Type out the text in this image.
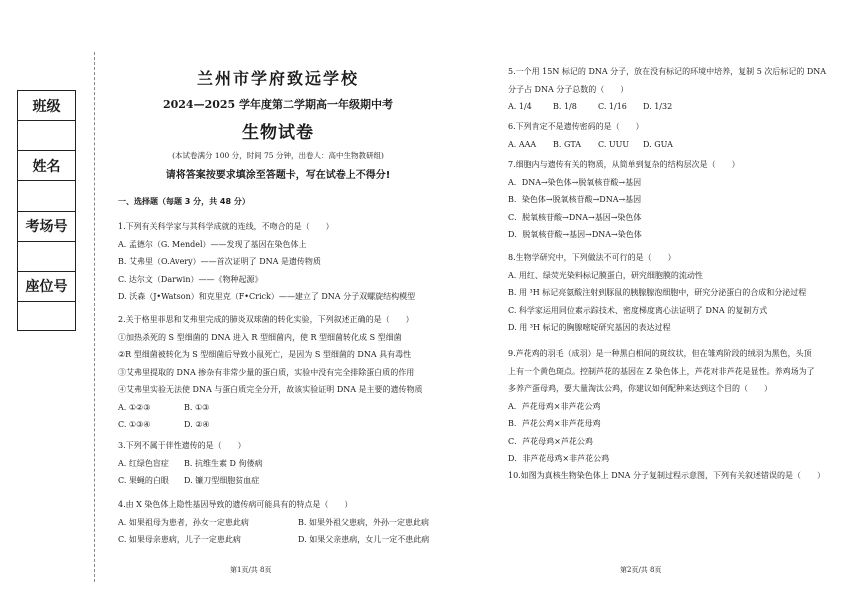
班级
姓名
考场号
座位号
兰州市学府致远学校
2024—2025 学年度第二学期高一年级期中考
生物试卷
(本试卷满分 100 分，时间 75 分钟，出卷人：高中生物教研组)
请将答案按要求填涂至答题卡，写在试卷上不得分!
一、选择题（每题 3 分，共 48 分）
1.下列有关科学家与其科学成就的连线，不吻合的是（　　）
A. 孟德尔（G. Mendel）——发现了基因在染色体上
B. 艾弗里（O.Avery）——首次证明了 DNA 是遗传物质
C. 达尔文（Darwin）——《物种起源》
D. 沃森（J•Watson）和克里克（F•Crick）——建立了 DNA 分子双螺旋结构模型
2.关于格里菲思和艾弗里完成的肺炎双球菌的转化实验，下列叙述正确的是（　　）
①加热杀死的 S 型细菌的 DNA 进入 R 型细菌内，使 R 型细菌转化成 S 型细菌
②R 型细菌被转化为 S 型细菌后导致小鼠死亡，是因为 S 型细菌的 DNA 具有毒性
③艾弗里提取的 DNA 掺杂有非常少量的蛋白质，实验中没有完全排除蛋白质的作用
④艾弗里实验无法使 DNA 与蛋白质完全分开，故该实验证明 DNA 是主要的遗传物质
A. ①②③	B. ①③
C. ①③④	D. ②④
3.下列不属于伴性遗传的是（　　）
A. 红绿色盲症 B. 抗维生素 D 佝偻病
C. 果蝇的白眼 D. 镰刀型细胞贫血症
4.由 X 染色体上隐性基因导致的遗传病可能具有的特点是（　　）
A. 如果祖母为患者，孙女一定患此病	B. 如果外祖父患病，外孙一定患此病
C. 如果母亲患病，儿子一定患此病	D. 如果父亲患病，女儿一定不患此病
第1页/共 8页
5.一个用 15N 标记的 DNA 分子，放在没有标记的环境中培养，复制 5 次后标记的 DNA
分子占 DNA 分子总数的（　　）
A. 1/4	B. 1/8	C. 1/16 D. 1/32
6.下列肯定不是遗传密码的是（　　）
A. AAA B. GTA C. UUU D. GUA
7.细胞内与遗传有关的物质，从简单到复杂的结构层次是（　　）
A．DNA→染色体→脱氧核苷酸→基因
B．染色体→脱氧核苷酸→DNA→基因
C．脱氧核苷酸→DNA→基因→染色体
D．脱氧核苷酸→基因→DNA→染色体
8.生物学研究中，下列做法不可行的是（　　）
A. 用红、绿荧光染料标记膜蛋白，研究细胞膜的流动性
B. 用 ³H 标记亮氨酸注射到豚鼠的胰腺腺泡细胞中，研究分泌蛋白的合成和分泌过程
C. 科学家运用同位素示踪技术、密度梯度离心法证明了 DNA 的复制方式
D. 用 ³H 标记的胸腺嘧啶研究基因的表达过程
9.芦花鸡的羽毛（成羽）是一种黑白相间的斑纹状，但在雏鸡阶段的绒羽为黑色，头顶
上有一个黄色斑点。控制芦花的基因在 Z 染色体上，芦花对非芦花是显性。养鸡场为了
多养产蛋母鸡，要大量淘汰公鸡，你建议如何配种来达到这个目的（　　）
A．芦花母鸡×非芦花公鸡
B．芦花公鸡×非芦花母鸡
C．芦花母鸡×芦花公鸡
D．非芦花母鸡×非芦花公鸡
10.如图为真核生物染色体上 DNA 分子复制过程示意图，下列有关叙述错误的是（　　）
第2页/共 8页
